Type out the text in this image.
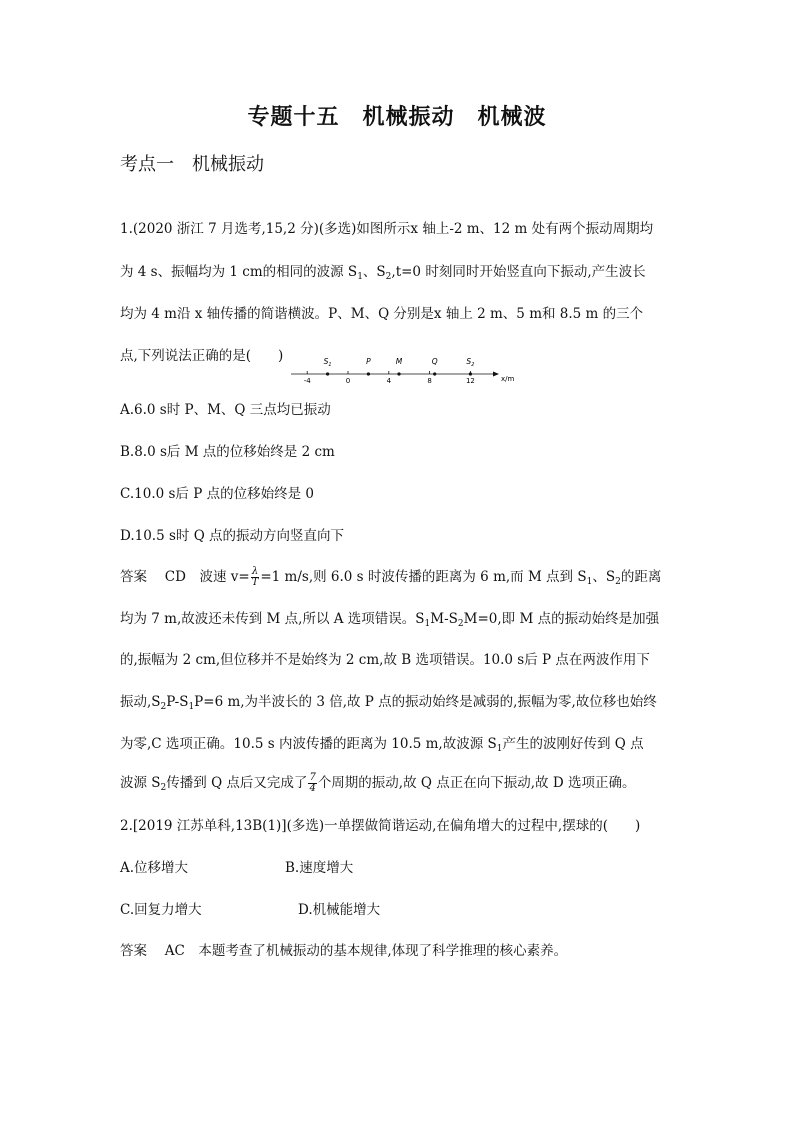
专题十五　机械振动　机械波
考点一　机械振动
1.(2020 浙江 7 月选考,15,2 分)(多选)如图所示x 轴上-2 m、12 m 处有两个振动周期均
为 4 s、振幅均为 1 cm的相同的波源 $S_1$、$S_2,t=0$ 时刻同时开始竖直向下振动,产生波长
均为 4 m沿 x 轴传播的简谐横波。P、M、Q 分别是x 轴上 2 m、5 m和 8.5 m 的三个
点,下列说法正确的是(　　)
-4	0	4	8	12
$S_1$	P	M	Q	$S_2$
x/m
A.6.0 s时 P、M、Q 三点均已振动
B.8.0 s后 M 点的位移始终是 2 cm
C.10.0 s后 P 点的位移始终是 0
D.10.5 s时 Q 点的振动方向竖直向下
答案　 CD　波速 $v= \frac{\lambda}{T} =1$ m/s,则 6.0 s 时波传播的距离为 6 m,而 M 点到 $S_1$、$S_2$的距离
均为 7 m,故波还未传到 M 点,所以 A 选项错误。$S_1M-S_2M=0$,即 M 点的振动始终是加强
的,振幅为 2 cm,但位移并不是始终为 2 cm,故 B 选项错误。10.0 s后 P 点在两波作用下
振动$,S_2P-S_1P=6$ m,为半波长的 3 倍,故 P 点的振动始终是减弱的,振幅为零,故位移也始终
为零,C 选项正确。10.5 s 内波传播的距离为 10.5 m,故波源 $S_1$产生的波刚好传到 Q 点
波源 $S_2$传播到 Q 点后又完成了 $\frac{7}{4}$ 个周期的振动,故 Q 点正在向下振动,故 D 选项正确。
2.[2019 江苏单科,13B(1)](多选)一单摆做简谐运动,在偏角增大的过程中,摆球的(　　)
A.位移增大	B.速度增大
C.回复力增大	D.机械能增大
答案　 AC　本题考查了机械振动的基本规律,体现了科学推理的核心素养。
